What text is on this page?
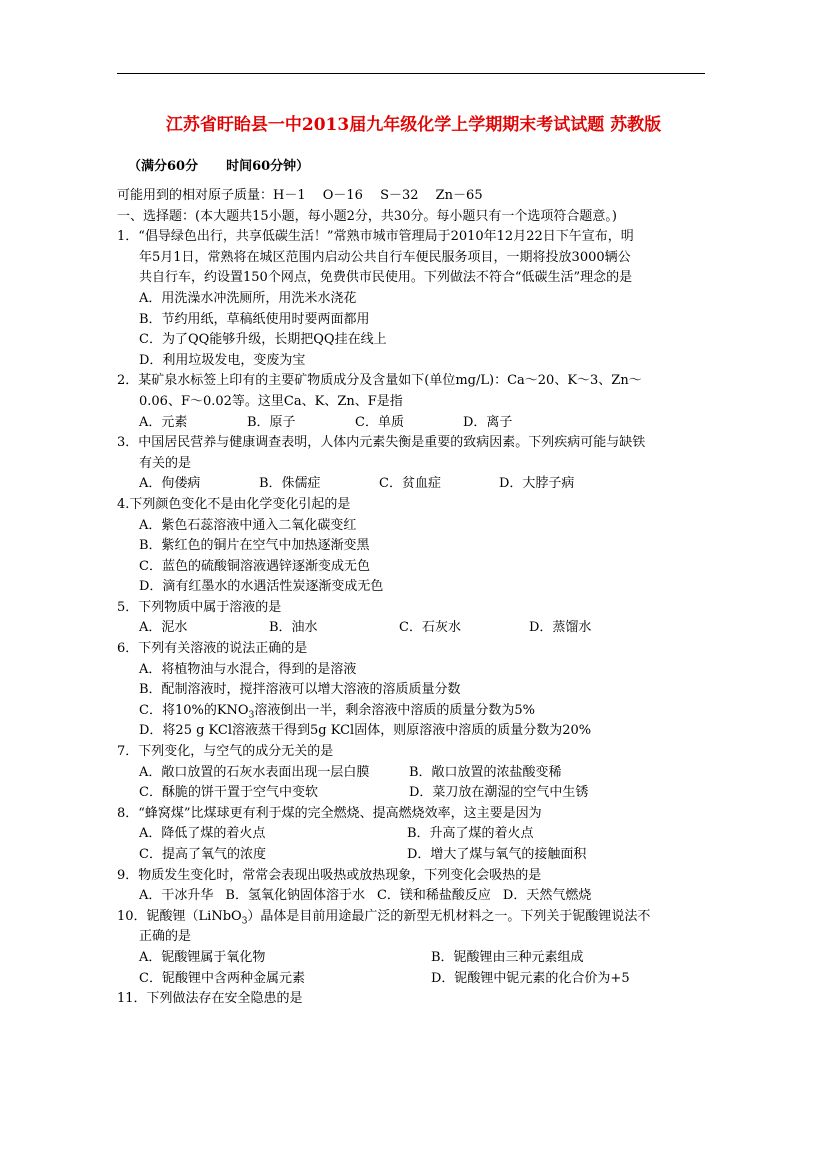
江苏省盱眙县一中2013届九年级化学上学期期末考试试题 苏教版
（满分60分 时间60分钟）
可能用到的相对原子质量：H－1　 O－16　 S－32　 Zn－65
一、选择题：(本大题共15小题，每小题2分，共30分。每小题只有一个选项符合题意。)
1．“倡导绿色出行，共享低碳生活！”常熟市城市管理局于2010年12月22日下午宣布，明
年5月1日，常熟将在城区范围内启动公共自行车便民服务项目，一期将投放3000辆公
共自行车，约设置150个网点，免费供市民使用。下列做法不符合“低碳生活”理念的是
A．用洗澡水冲洗厕所，用洗米水浇花
B．节约用纸，草稿纸使用时要两面都用
C．为了QQ能够升级，长期把QQ挂在线上
D．利用垃圾发电，变废为宝
2．某矿泉水标签上印有的主要矿物质成分及含量如下(单位mg/L)：Ca～20、K～3、Zn～
0.06、F～0.02等。这里Ca、K、Zn、F是指
A．元素	B．原子	C．单质	D．离子
3．中国居民营养与健康调查表明，人体内元素失衡是重要的致病因素。下列疾病可能与缺铁
有关的是
A．佝偻病	B．侏儒症	C．贫血症	D．大脖子病
4.下列颜色变化不是由化学变化引起的是
A．紫色石蕊溶液中通入二氧化碳变红
B．紫红色的铜片在空气中加热逐渐变黑
C．蓝色的硫酸铜溶液遇锌逐渐变成无色
D．滴有红墨水的水遇活性炭逐渐变成无色
5．下列物质中属于溶液的是
A．泥水	B．油水	C．石灰水	D．蒸馏水
6．下列有关溶液的说法正确的是
A．将植物油与水混合，得到的是溶液
B．配制溶液时，搅拌溶液可以增大溶液的溶质质量分数
C．将10%的$KNO_3$溶液倒出一半，剩余溶液中溶质的质量分数为5%
D．将25 g KCl溶液蒸干得到5g KCl固体，则原溶液中溶质的质量分数为20%
7．下列变化，与空气的成分无关的是
A．敞口放置的石灰水表面出现一层白膜	B．敞口放置的浓盐酸变稀
C．酥脆的饼干置于空气中变软	D．菜刀放在潮湿的空气中生锈
8．“蜂窝煤”比煤球更有利于煤的完全燃烧、提高燃烧效率，这主要是因为
A．降低了煤的着火点	B．升高了煤的着火点
C．提高了氧气的浓度	D．增大了煤与氧气的接触面积
9．物质发生变化时，常常会表现出吸热或放热现象，下列变化会吸热的是
A．干冰升华 B．氢氧化钠固体溶于水 C．镁和稀盐酸反应 D．天然气燃烧
10．铌酸锂（LiNbO$_3$）晶体是目前用途最广泛的新型无机材料之一。下列关于铌酸锂说法不
正确的是
A．铌酸锂属于氧化物	B．铌酸锂由三种元素组成
C．铌酸锂中含两种金属元素	D．铌酸锂中铌元素的化合价为+5
11．下列做法存在安全隐患的是
